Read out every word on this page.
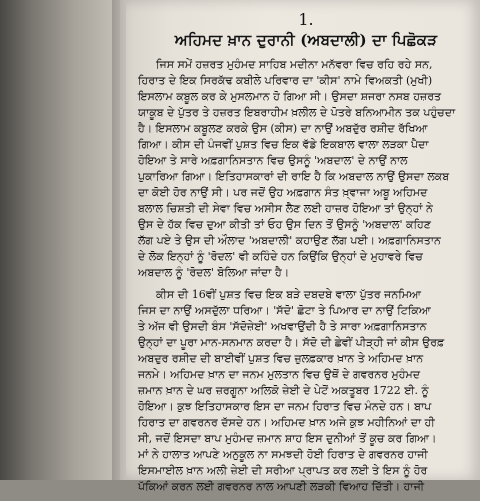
1.
ਅਹਿਮਦ ਖ਼ਾਨ ਦੁਰਾਨੀ (ਅਬਦਾਲੀ) ਦਾ ਪਿਛੋਕੜ
ਜਿਸ ਸਮੇਂ ਹਜ਼ਰਤ ਮੁਹੰਮਦ ਸਾਹਿਬ ਮਦੀਨਾ ਮਨੱਵਰਾ ਵਿਚ ਰਹਿ ਰਹੇ ਸਨ,
ਹਿਰਾਤ ਦੇ ਇਕ ਸਿਰਕੱਢ ਕਬੀਲੇ ਪਰਿਵਾਰ ਦਾ 'ਕੀਸ' ਨਾਮੇ ਵਿਅਕਤੀ (ਮੁਖੀ)
ਇਸਲਾਮ ਕਬੂਲ ਕਰ ਕੇ ਮੁਸਲਮਾਨ ਹੋ ਗਿਆ ਸੀ। ਉਸਦਾ ਸ਼ਜਰਾ ਨਸਬ ਹਜ਼ਰਤ
ਯਾਕੂਬ ਦੇ ਪੁੱਤਰ ਤੇ ਹਜ਼ਰਤ ਇਬਰਾਹੀਮ ਖ਼ਲੀਲ ਦੇ ਪੋਤਰੇ ਬਨਿਆਮੀਨ ਤਕ ਪਹੁੰਚਦਾ
ਹੈ। ਇਸਲਾਮ ਕਬੂਲਣ ਕਰਕੇ ਉਸ (ਕੀਸ) ਦਾ ਨਾਉਂ ਅਬਦੁੱਰ ਰਸ਼ੀਦ ਰੱਖਿਆ
ਗਿਆ। ਕੀਸ ਦੀ ਪੰਜਵੀਂ ਪੁਸ਼ਤ ਵਿਚ ਇਕ ਵੱਡੇ ਇਕਬਾਲ ਵਾਲਾ ਲੜਕਾ ਪੈਦਾ
ਹੋਇਆ ਤੇ ਸਾਰੇ ਅਫ਼ਗਾਨਿਸਤਾਨ ਵਿਚ ਉਸਨੂੰ 'ਅਬਦਾਲ' ਦੇ ਨਾਉਂ ਨਾਲ
ਪੁਕਾਰਿਆ ਗਿਆ। ਇਤਿਹਾਸਕਾਰਾਂ ਦੀ ਰਾਇ ਹੈ ਕਿ ਅਬਦਾਲ ਨਾਉਂ ਉਸਦਾ ਲਕਬ
ਦਾ ਕੋਈ ਹੋਰ ਨਾਉਂ ਸੀ। ਪਰ ਜਦੋਂ ਉਹ ਅਫ਼ਗਾਨ ਸੰਤ ਖ਼੍ਵਾਜਾ ਅਬੂ ਅਹਿਮਦ
ਬਲਾਲ ਚਿਸ਼ਤੀ ਦੀ ਸੇਵਾ ਵਿਚ ਅਸੀਸ ਲੈਣ ਲਈ ਹਾਜ਼ਰ ਹੋਇਆ ਤਾਂ ਉਨ੍ਹਾਂ ਨੇ
ਉਸ ਦੇ ਹੱਕ ਵਿਚ ਦੁਆ ਕੀਤੀ ਤਾਂ ਓਹ ਉਸ ਦਿਨ ਤੋਂ ਉਸਨੂੰ 'ਅਬਦਾਲ' ਕਹਿਣ
ਲੱਗ ਪਏ ਤੇ ਉਸ ਦੀ ਔਲਾਦ 'ਅਬਦਾਲੀ' ਕਹਾਉਣ ਲੱਗ ਪਈ। ਅਫ਼ਗਾਨਿਸਤਾਨ
ਦੇ ਲੋਕ ਇਨ੍ਹਾਂ ਨੂੰ 'ਰੋਦਲ' ਵੀ ਕਹਿੰਦੇ ਹਨ ਕਿਉਂਕਿ ਉਨ੍ਹਾਂ ਦੇ ਮੁਹਾਵਰੇ ਵਿਚ
ਅਬਦਾਲ ਨੂੰ 'ਰੋਦਲ' ਬੋਲਿਆ ਜਾਂਦਾ ਹੈ।
ਕੀਸ ਦੀ 16ਵੀਂ ਪੁਸ਼ਤ ਵਿਚ ਇਕ ਬੜੇ ਦਬਦਬੇ ਵਾਲਾ ਪੁੱਤਰ ਜਨਮਿਆ
ਜਿਸ ਦਾ ਨਾਉਂ ਅਸਦੁੱਲਾ ਧਰਿਆ। 'ਸੱਦੋ' ਛੋਟਾ ਤੇ ਪਿਆਰ ਦਾ ਨਾਉਂ ਟਿਕਿਆ
ਤੇ ਅੱਜ ਵੀ ਉਸਦੀ ਬੰਸ 'ਸੱਦੋਜ਼ੇਈ' ਅਖਵਾਉਂਦੀ ਹੈ ਤੇ ਸਾਰਾ ਅਫ਼ਗਾਨਿਸਤਾਨ
ਉਨ੍ਹਾਂ ਦਾ ਪੂਰਾ ਮਾਨ-ਸਨਮਾਨ ਕਰਦਾ ਹੈ। ਸੱਦੋ ਦੀ ਛੇਵੀਂ ਪੀੜ੍ਹੀ ਜਾਂ ਕੀਸ ਉਰਫ਼
ਅਬਦੁਰ ਰਸ਼ੀਦ ਦੀ ਬਾਈਵੀਂ ਪੁਸ਼ਤ ਵਿਚ ਜ਼ੁਲਫ਼ਕਾਰ ਖ਼ਾਨ ਤੇ ਅਹਿਮਦ ਖ਼ਾਨ
ਜਨਮੇ। ਅਹਿਮਦ ਖ਼ਾਨ ਦਾ ਜਨਮ ਮੁਲਤਾਨ ਵਿਚ ਉਥੋਂ ਦੇ ਗਵਰਨਰ ਮੁਹੰਮਦ
ਜ਼ਮਾਨ ਖ਼ਾਨ ਦੇ ਘਰ ਜ਼ਰਗੂਨਾ ਅਲਿਕੋ ਜ਼ੇਈ ਦੇ ਪੇਟੋਂ ਅਕਤੂਬਰ 1722 ਈ. ਨੂੰ
ਹੋਇਆ। ਕੁਝ ਇਤਿਹਾਸਕਾਰ ਇਸ ਦਾ ਜਨਮ ਹਿਰਾਤ ਵਿਚ ਮੰਨਦੇ ਹਨ। ਬਾਪ
ਹਿਰਾਤ ਦਾ ਗਵਰਨਰ ਦੱਸਦੇ ਹਨ। ਅਹਿਮਦ ਖ਼ਾਨ ਅਜੇ ਕੁਝ ਮਹੀਨਿਆਂ ਦਾ ਹੀ
ਸੀ, ਜਦੋਂ ਇਸਦਾ ਬਾਪ ਮੁਹੰਮਦ ਜ਼ਮਾਨ ਸ਼ਾਹ ਇਸ ਦੁਨੀਆਂ ਤੋਂ ਕੂਚ ਕਰ ਗਿਆ।
ਮਾਂ ਨੇ ਹਾਲਾਤ ਆਪਣੇ ਅਨੁਕੂਲ ਨਾ ਸਮਝਦੀ ਹੋਈ ਹਿਰਾਤ ਦੇ ਗਵਰਨਰ ਹਾਜੀ
ਇਸਮਾਈਲ ਖ਼ਾਨ ਅਲੀ ਜ਼ੇਈ ਦੀ ਸਰੀਆ ਪ੍ਰਾਪਤ ਕਰ ਲਈ ਤੇ ਇਸ ਨੂੰ ਹੋਰ
ਪੱਕਿਆਂ ਕਰਨ ਲਈ ਗਵਰਨਰ ਨਾਲ ਆਪਣੀ ਲੜਕੀ ਵਿਆਹ ਦਿੱਤੀ। ਹਾਜੀ
